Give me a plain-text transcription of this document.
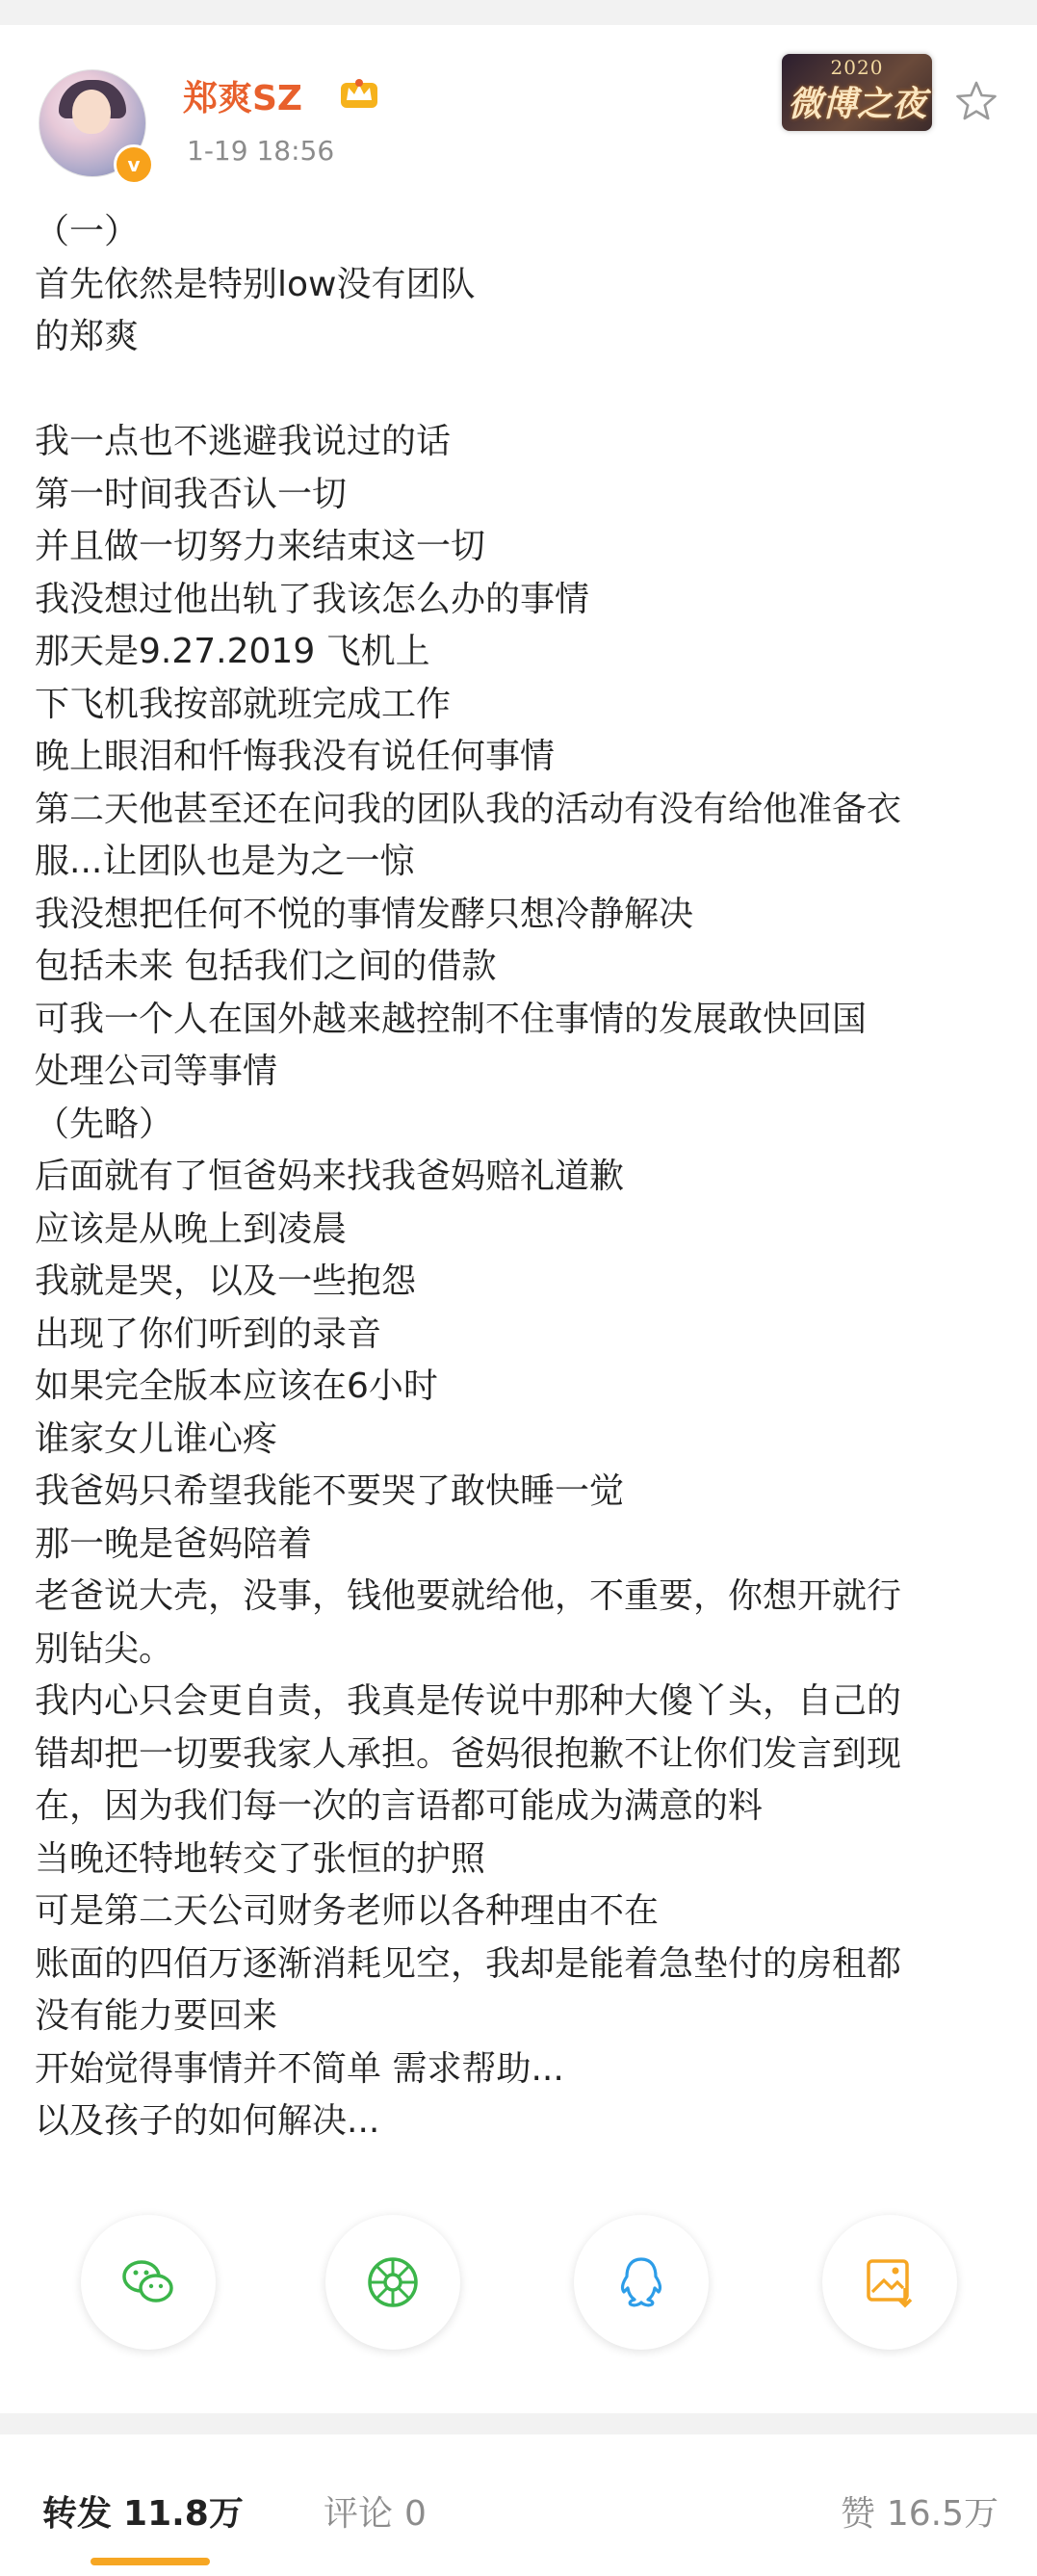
v
郑爽SZ
1-19 18:56
2020
微博之夜
（一）
首先依然是特别low没有团队
的郑爽
我一点也不逃避我说过的话
第一时间我否认一切
并且做一切努力来结束这一切
我没想过他出轨了我该怎么办的事情
那天是9.27.2019 飞机上
下飞机我按部就班完成工作
晚上眼泪和忏悔我没有说任何事情
第二天他甚至还在问我的团队我的活动有没有给他准备衣
服...让团队也是为之一惊
我没想把任何不悦的事情发酵只想冷静解决
包括未来 包括我们之间的借款
可我一个人在国外越来越控制不住事情的发展敢快回国
处理公司等事情
（先略）
后面就有了恒爸妈来找我爸妈赔礼道歉
应该是从晚上到凌晨
我就是哭，以及一些抱怨
出现了你们听到的录音
如果完全版本应该在6小时
谁家女儿谁心疼
我爸妈只希望我能不要哭了敢快睡一觉
那一晚是爸妈陪着
老爸说大壳，没事，钱他要就给他，不重要，你想开就行
别钻尖。
我内心只会更自责，我真是传说中那种大傻丫头，自己的
错却把一切要我家人承担。爸妈很抱歉不让你们发言到现
在，因为我们每一次的言语都可能成为满意的料
当晚还特地转交了张恒的护照
可是第二天公司财务老师以各种理由不在
账面的四佰万逐渐消耗见空，我却是能着急垫付的房租都
没有能力要回来
开始觉得事情并不简单 需求帮助...
以及孩子的如何解决...
转发 11.8万 评论 0	赞 16.5万
